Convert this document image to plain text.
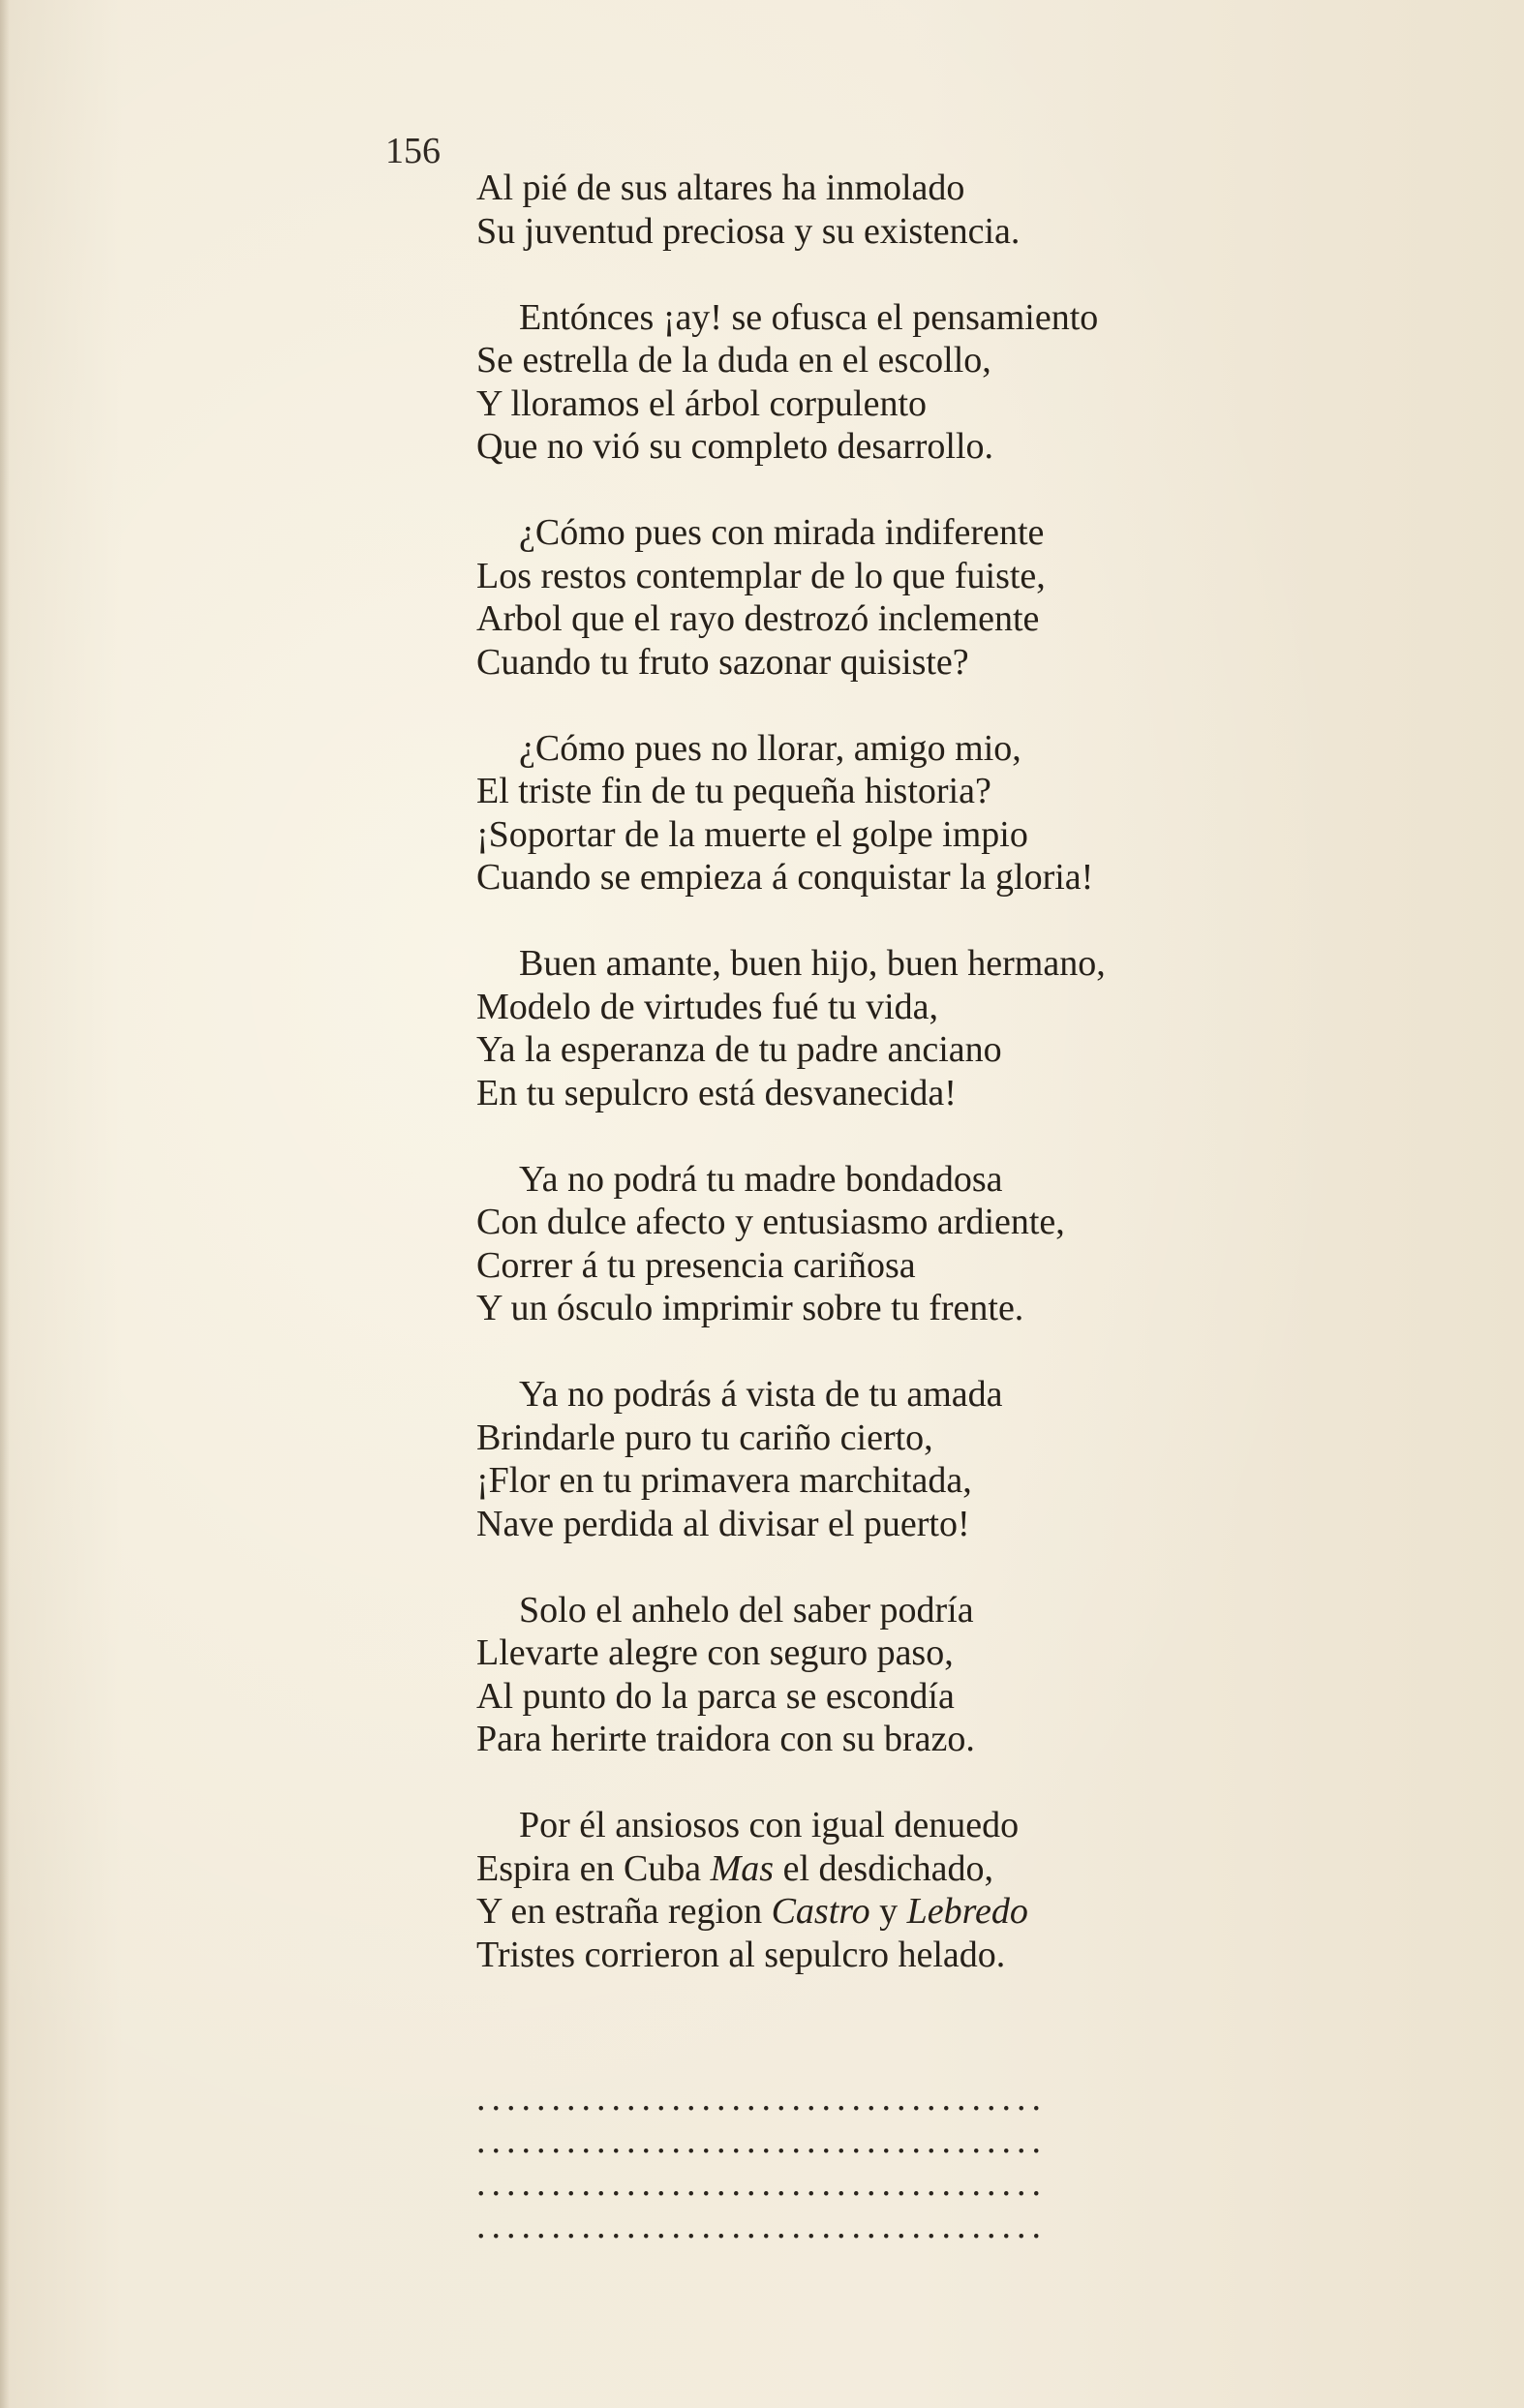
156
Al pié de sus altares ha inmolado
Su juventud preciosa y su existencia.
Entónces ¡ay! se ofusca el pensamiento
Se estrella de la duda en el escollo,
Y lloramos el árbol corpulento
Que no vió su completo desarrollo.
¿Cómo pues con mirada indiferente
Los restos contemplar de lo que fuiste,
Arbol que el rayo destrozó inclemente
Cuando tu fruto sazonar quisiste?
¿Cómo pues no llorar, amigo mio,
El triste fin de tu pequeña historia?
¡Soportar de la muerte el golpe impio
Cuando se empieza á conquistar la gloria!
Buen amante, buen hijo, buen hermano,
Modelo de virtudes fué tu vida,
Ya la esperanza de tu padre anciano
En tu sepulcro está desvanecida!
Ya no podrá tu madre bondadosa
Con dulce afecto y entusiasmo ardiente,
Correr á tu presencia cariñosa
Y un ósculo imprimir sobre tu frente.
Ya no podrás á vista de tu amada
Brindarle puro tu cariño cierto,
¡Flor en tu primavera marchitada,
Nave perdida al divisar el puerto!
Solo el anhelo del saber podría
Llevarte alegre con seguro paso,
Al punto do la parca se escondía
Para herirte traidora con su brazo.
Por él ansiosos con igual denuedo
Espira en Cuba Mas el desdichado,
Y en estraña region Castro y Lebredo
Tristes corrieron al sepulcro helado.
......................................
......................................
......................................
......................................
